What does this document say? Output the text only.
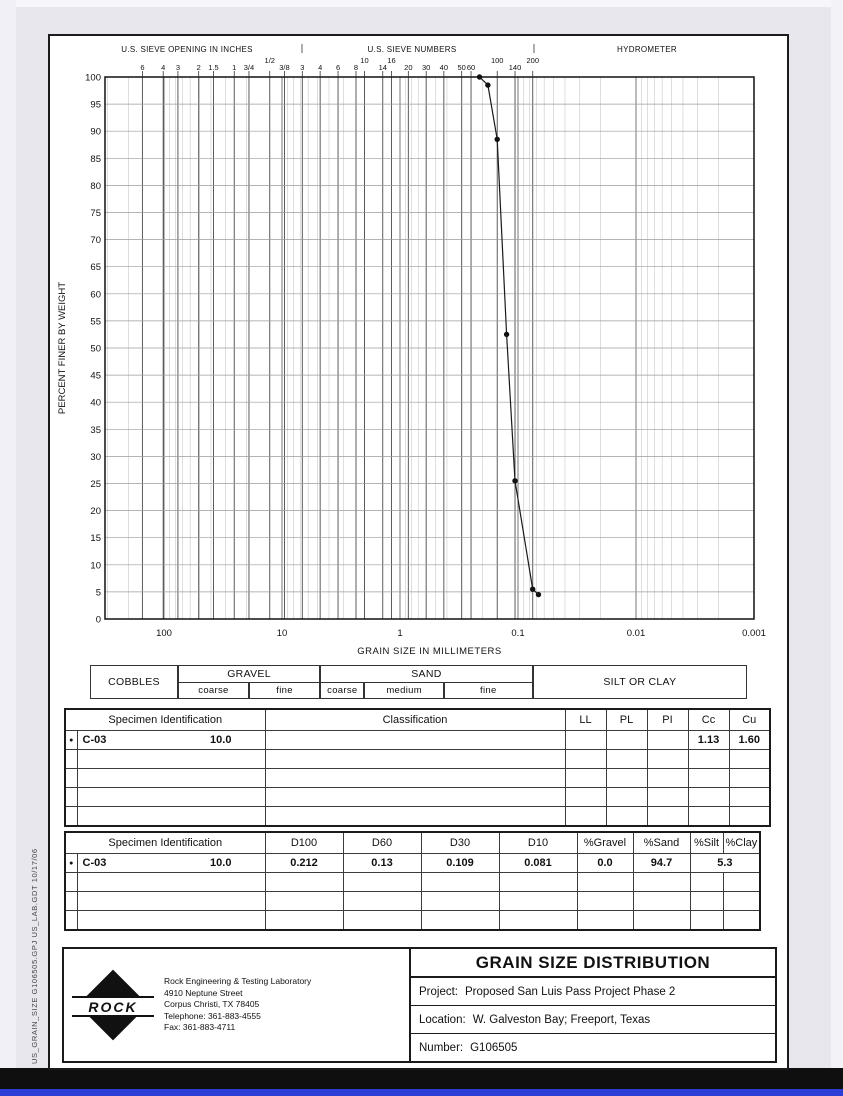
6 4 3 2 1.5 1 3/4
1/2
3/8 3 4 6 8
10
14
16
20 30 40 50 60
100
140
200
U.S. SIEVE OPENING IN INCHES	U.S. SIEVE NUMBERS	HYDROMETER
0
5
10
15
20
25
30
35
40
45
50
55
60
65
70
75
80
85
90
95
100
PERCENT FINER BY WEIGHT
100	10	1	0.1	0.01	0.001
GRAIN SIZE IN MILLIMETERS
COBBLES
GRAVEL	SAND
SILT OR CLAY
coarse	fine	coarse	medium	fine
Specimen Identification			Classification	LL	PL	PI	Cc	Cu
●	C-03	10.0					1.13	1.60

Specimen Identification			D100	D60	D30	D10	%Gravel	%Sand	%Silt	%Clay
●	C-03	10.0	0.212	0.13	0.109	0.081	0.0	94.7	5.3	

ROCK
Rock Engineering & Testing Laboratory
4910 Neptune Street
Corpus Christi, TX 78405
Telephone: 361-883-4555
Fax: 361-883-4711
GRAIN SIZE DISTRIBUTION
Project: Proposed San Luis Pass Project Phase 2
Location: W. Galveston Bay; Freeport, Texas
Number: G106505
US_GRAIN_SIZE G106505.GPJ US_LAB.GDT 10/17/06
